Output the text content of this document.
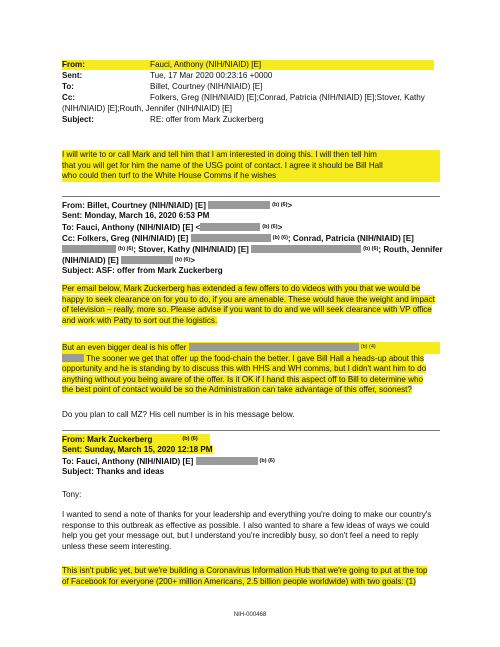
From:	Fauci, Anthony (NIH/NIAID) [E]
Sent:	Tue, 17 Mar 2020 00:23:16 +0000
To:	Billet, Courtney (NIH/NIAID) [E]
Cc:	Folkers, Greg (NIH/NIAID) [E];Conrad, Patricia (NIH/NIAID) [E];Stover, Kathy
(NIH/NIAID) [E];Routh, Jennifer (NIH/NIAID) [E]
Subject:	RE: offer from Mark Zuckerberg
I will write to or call Mark and tell him that I am interested in doing this. I will then tell him
that you will get for him the name of the USG point of contact. I agree it should be Bill Hall
who could then turf to the White House Comms if he wishes
From: Billet, Courtney (NIH/NIAID) [E]	$^{(b) (6)}$>
Sent: Monday, March 16, 2020 6:53 PM
To: Fauci, Anthony (NIH/NIAID) [E] <	$^{(b) (6)}$>
Cc: Folkers, Greg (NIH/NIAID) [E]	$^{(b) (6)}$; Conrad, Patricia (NIH/NIAID) [E]
$^{(b) (6)}$; Stover, Kathy (NIH/NIAID) [E]	$^{(b) (6)}$; Routh, Jennifer
(NIH/NIAID) [E]	$^{(b) (6)}$>
Subject: ASF: offer from Mark Zuckerberg
Per email below, Mark Zuckerberg has extended a few offers to do videos with you that we would be
happy to seek clearance on for you to do, if you are amenable. These would have the weight and impact
of television – really, more so. Please advise if you want to do and we will seek clearance with VP office
and work with Patty to sort out the logistics.
But an even bigger deal is his offer	$^{(b) (4)}$
The sooner we get that offer up the food-chain the better. I gave Bill Hall a heads-up about this
opportunity and he is standing by to discuss this with HHS and WH comms, but I didn't want him to do
anything without you being aware of the offer. Is it OK if I hand this aspect off to Bill to determine who
the best point of contact would be so the Administration can take advantage of this offer, soonest?
Do you plan to call MZ? His cell number is in his message below.
From: Mark Zuckerberg	$^{(b) (6)}$
Sent: Sunday, March 15, 2020 12:18 PM
To: Fauci, Anthony (NIH/NIAID) [E]	$^{(b) (6)}$
Subject: Thanks and ideas
Tony:
I wanted to send a note of thanks for your leadership and everything you're doing to make our country's
response to this outbreak as effective as possible. I also wanted to share a few ideas of ways we could
help you get your message out, but I understand you're incredibly busy, so don't feel a need to reply
unless these seem interesting.
This isn't public yet, but we're building a Coronavirus Information Hub that we're going to put at the top
of Facebook for everyone (200+ million Americans, 2.5 billion people worldwide) with two goals: (1)
NIH-000468
